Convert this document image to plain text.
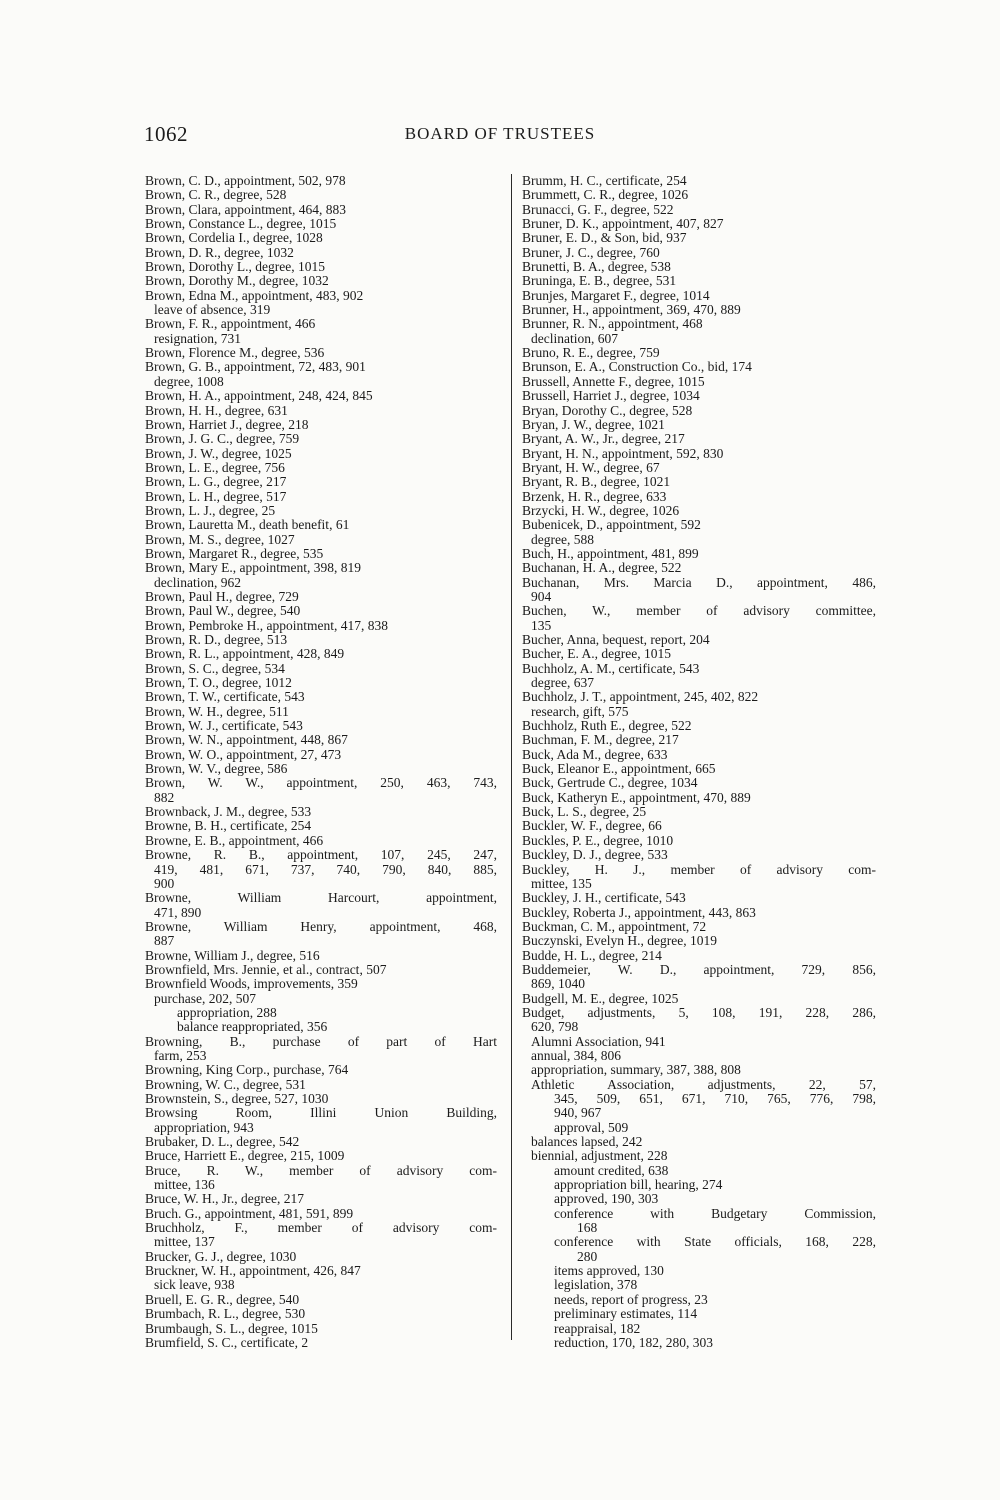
1062	BOARD OF TRUSTEES
Brown, C. D., appointment, 502, 978
Brown, C. R., degree, 528
Brown, Clara, appointment, 464, 883
Brown, Constance L., degree, 1015
Brown, Cordelia I., degree, 1028
Brown, D. R., degree, 1032
Brown, Dorothy L., degree, 1015
Brown, Dorothy M., degree, 1032
Brown, Edna M., appointment, 483, 902
leave of absence, 319
Brown, F. R., appointment, 466
resignation, 731
Brown, Florence M., degree, 536
Brown, G. B., appointment, 72, 483, 901
degree, 1008
Brown, H. A., appointment, 248, 424, 845
Brown, H. H., degree, 631
Brown, Harriet J., degree, 218
Brown, J. G. C., degree, 759
Brown, J. W., degree, 1025
Brown, L. E., degree, 756
Brown, L. G., degree, 217
Brown, L. H., degree, 517
Brown, L. J., degree, 25
Brown, Lauretta M., death benefit, 61
Brown, M. S., degree, 1027
Brown, Margaret R., degree, 535
Brown, Mary E., appointment, 398, 819
declination, 962
Brown, Paul H., degree, 729
Brown, Paul W., degree, 540
Brown, Pembroke H., appointment, 417, 838
Brown, R. D., degree, 513
Brown, R. L., appointment, 428, 849
Brown, S. C., degree, 534
Brown, T. O., degree, 1012
Brown, T. W., certificate, 543
Brown, W. H., degree, 511
Brown, W. J., certificate, 543
Brown, W. N., appointment, 448, 867
Brown, W. O., appointment, 27, 473
Brown, W. V., degree, 586
Brown, W. W., appointment, 250, 463, 743,
882
Brownback, J. M., degree, 533
Browne, B. H., certificate, 254
Browne, E. B., appointment, 466
Browne, R. B., appointment, 107, 245, 247,
419, 481, 671, 737, 740, 790, 840, 885,
900
Browne, William Harcourt, appointment,
471, 890
Browne, William Henry, appointment, 468,
887
Browne, William J., degree, 516
Brownfield, Mrs. Jennie, et al., contract, 507
Brownfield Woods, improvements, 359
purchase, 202, 507
appropriation, 288
balance reappropriated, 356
Browning, B., purchase of part of Hart
farm, 253
Browning, King Corp., purchase, 764
Browning, W. C., degree, 531
Brownstein, S., degree, 527, 1030
Browsing Room, Illini Union Building,
appropriation, 943
Brubaker, D. L., degree, 542
Bruce, Harriett E., degree, 215, 1009
Bruce, R. W., member of advisory com-
mittee, 136
Bruce, W. H., Jr., degree, 217
Bruch. G., appointment, 481, 591, 899
Bruchholz, F., member of advisory com-
mittee, 137
Brucker, G. J., degree, 1030
Bruckner, W. H., appointment, 426, 847
sick leave, 938
Bruell, E. G. R., degree, 540
Brumbach, R. L., degree, 530
Brumbaugh, S. L., degree, 1015
Brumfield, S. C., certificate, 2
Brumm, H. C., certificate, 254
Brummett, C. R., degree, 1026
Brunacci, G. F., degree, 522
Bruner, D. K., appointment, 407, 827
Bruner, E. D., & Son, bid, 937
Bruner, J. C., degree, 760
Brunetti, B. A., degree, 538
Bruninga, E. B., degree, 531
Brunjes, Margaret F., degree, 1014
Brunner, H., appointment, 369, 470, 889
Brunner, R. N., appointment, 468
declination, 607
Bruno, R. E., degree, 759
Brunson, E. A., Construction Co., bid, 174
Brussell, Annette F., degree, 1015
Brussell, Harriet J., degree, 1034
Bryan, Dorothy C., degree, 528
Bryan, J. W., degree, 1021
Bryant, A. W., Jr., degree, 217
Bryant, H. N., appointment, 592, 830
Bryant, H. W., degree, 67
Bryant, R. B., degree, 1021
Brzenk, H. R., degree, 633
Brzycki, H. W., degree, 1026
Bubenicek, D., appointment, 592
degree, 588
Buch, H., appointment, 481, 899
Buchanan, H. A., degree, 522
Buchanan, Mrs. Marcia D., appointment, 486,
904
Buchen, W., member of advisory committee,
135
Bucher, Anna, bequest, report, 204
Bucher, E. A., degree, 1015
Buchholz, A. M., certificate, 543
degree, 637
Buchholz, J. T., appointment, 245, 402, 822
research, gift, 575
Buchholz, Ruth E., degree, 522
Buchman, F. M., degree, 217
Buck, Ada M., degree, 633
Buck, Eleanor E., appointment, 665
Buck, Gertrude C., degree, 1034
Buck, Katheryn E., appointment, 470, 889
Buck, L. S., degree, 25
Buckler, W. F., degree, 66
Buckles, P. E., degree, 1010
Buckley, D. J., degree, 533
Buckley, H. J., member of advisory com-
mittee, 135
Buckley, J. H., certificate, 543
Buckley, Roberta J., appointment, 443, 863
Buckman, C. M., appointment, 72
Buczynski, Evelyn H., degree, 1019
Budde, H. L., degree, 214
Buddemeier, W. D., appointment, 729, 856,
869, 1040
Budgell, M. E., degree, 1025
Budget, adjustments, 5, 108, 191, 228, 286,
620, 798
Alumni Association, 941
annual, 384, 806
appropriation, summary, 387, 388, 808
Athletic Association, adjustments, 22, 57,
345, 509, 651, 671, 710, 765, 776, 798,
940, 967
approval, 509
balances lapsed, 242
biennial, adjustment, 228
amount credited, 638
appropriation bill, hearing, 274
approved, 190, 303
conference with Budgetary Commission,
168
conference with State officials, 168, 228,
280
items approved, 130
legislation, 378
needs, report of progress, 23
preliminary estimates, 114
reappraisal, 182
reduction, 170, 182, 280, 303
